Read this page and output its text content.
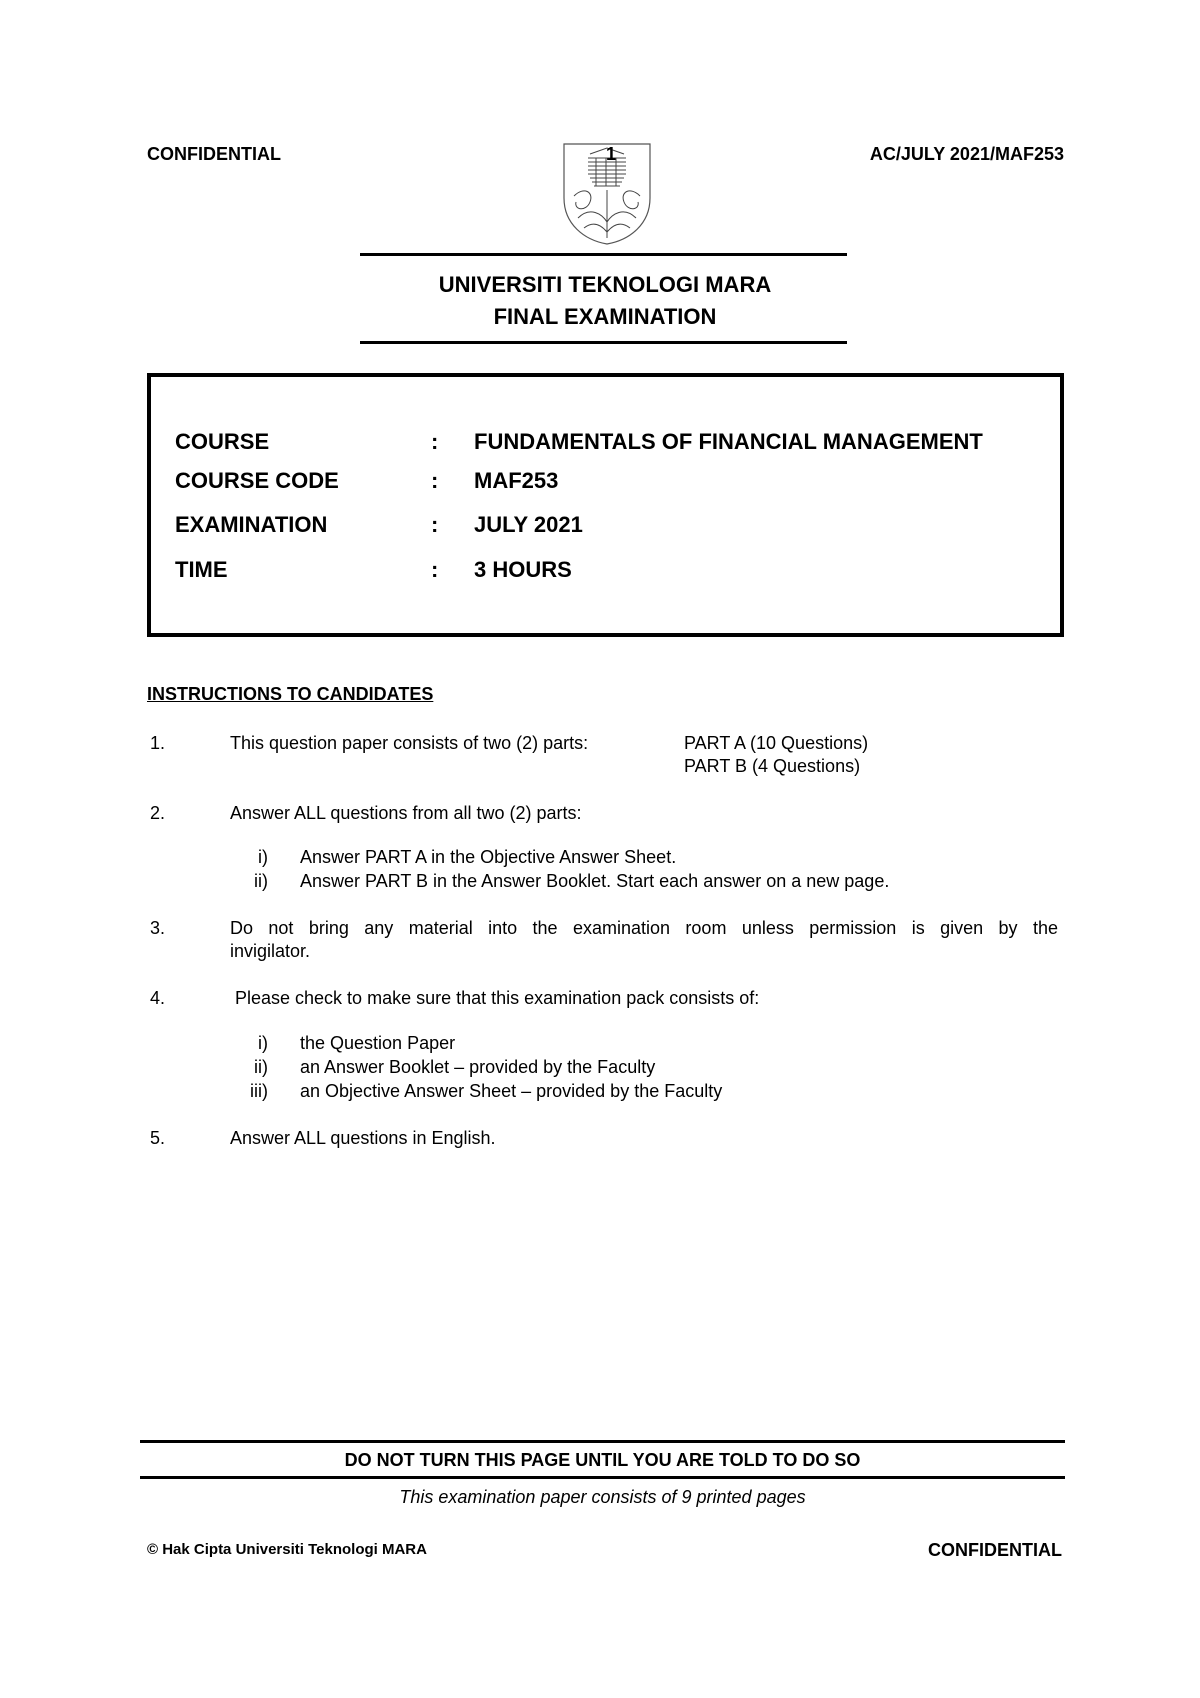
CONFIDENTIAL	AC/JULY 2021/MAF253
1
UNIVERSITI TEKNOLOGI MARA
FINAL EXAMINATION
COURSE	: FUNDAMENTALS OF FINANCIAL MANAGEMENT
COURSE CODE	: MAF253
EXAMINATION	: JULY 2021
TIME	: 3 HOURS
INSTRUCTIONS TO CANDIDATES
1.	This question paper consists of two (2) parts:	PART A (10 Questions)
PART B (4 Questions)
2.	Answer ALL questions from all two (2) parts:
i) Answer PART A in the Objective Answer Sheet.
ii) Answer PART B in the Answer Booklet. Start each answer on a new page.
3.	Do not bring any material into the examination room unless permission is given by the
invigilator.
4.	Please check to make sure that this examination pack consists of:
i) the Question Paper
ii) an Answer Booklet – provided by the Faculty
iii) an Objective Answer Sheet – provided by the Faculty
5.	Answer ALL questions in English.
DO NOT TURN THIS PAGE UNTIL YOU ARE TOLD TO DO SO
This examination paper consists of 9 printed pages
© Hak Cipta Universiti Teknologi MARA	CONFIDENTIAL
